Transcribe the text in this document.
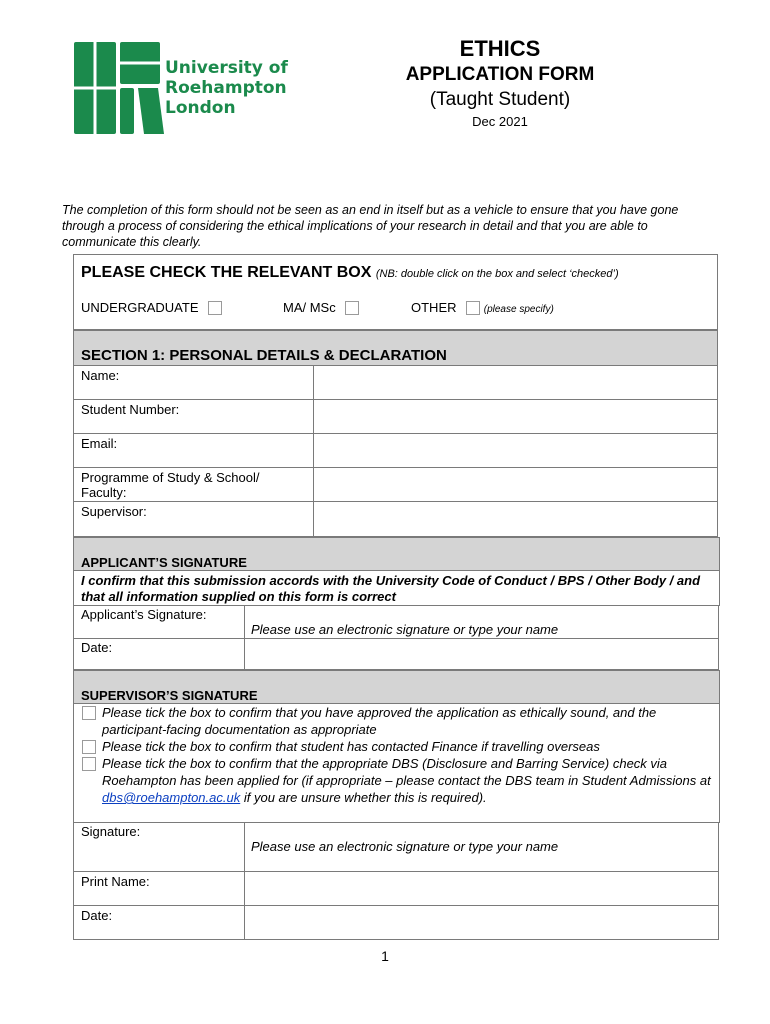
University of
Roehampton
London
ETHICS
APPLICATION FORM
(Taught Student)
Dec 2021
The completion of this form should not be seen as an end in itself but as a vehicle to ensure that you have gone through a process of considering the ethical implications of your research in detail and that you are able to communicate this clearly.
PLEASE CHECK THE RELEVANT BOX (NB: double click on the box and select ‘checked’)
UNDERGRADUATE	MA/ MSc	OTHER	(please specify)
SECTION 1: PERSONAL DETAILS & DECLARATION
Name:
Student Number:
Email:
Programme of Study & School/ Faculty:
Supervisor:
APPLICANT’S SIGNATURE
I confirm that this submission accords with the University Code of Conduct / BPS / Other Body / and that all information supplied on this form is correct
Applicant’s Signature:
Please use an electronic signature or type your name
Date:
SUPERVISOR’S SIGNATURE
Please tick the box to confirm that you have approved the application as ethically sound, and the participant-facing documentation as appropriate
Please tick the box to confirm that student has contacted Finance if travelling overseas
Please tick the box to confirm that the appropriate DBS (Disclosure and Barring Service) check via Roehampton has been applied for (if appropriate – please contact the DBS team in Student Admissions at dbs@roehampton.ac.uk if you are unsure whether this is required).
Signature:
Please use an electronic signature or type your name
Print Name:
Date:
1
